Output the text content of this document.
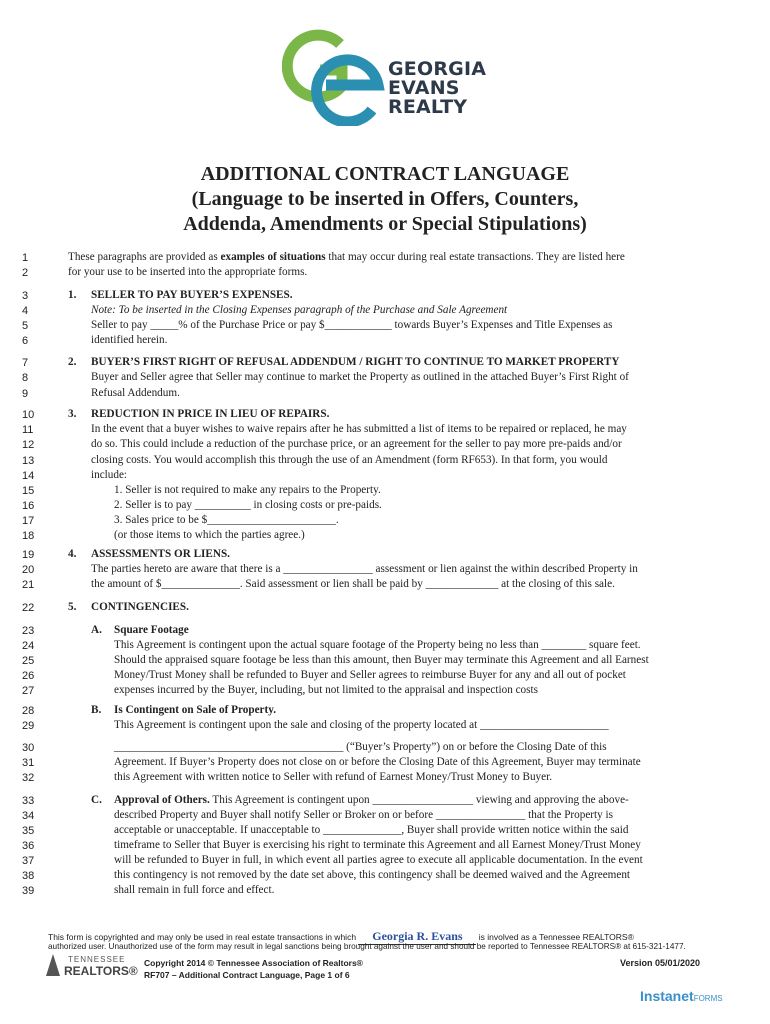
GEORGIA
EVANS
REALTY
ADDITIONAL CONTRACT LANGUAGE
(Language to be inserted in Offers, Counters,
Addenda, Amendments or Special Stipulations)
1
2
3
4
5
6
7
8
9
10
11
12
13
14
15
16
17
18
19
20
21
22
23
24
25
26
27
28
29
30
31
32
33
34
35
36
37
38
39
These paragraphs are provided as examples of situations that may occur during real estate transactions. They are listed here
for your use to be inserted into the appropriate forms.
1. SELLER TO PAY BUYER’S EXPENSES.
Note: To be inserted in the Closing Expenses paragraph of the Purchase and Sale Agreement
Seller to pay _____% of the Purchase Price or pay $____________ towards Buyer’s Expenses and Title Expenses as
identified herein.
2. BUYER’S FIRST RIGHT OF REFUSAL ADDENDUM / RIGHT TO CONTINUE TO MARKET PROPERTY
Buyer and Seller agree that Seller may continue to market the Property as outlined in the attached Buyer’s First Right of
Refusal Addendum.
3. REDUCTION IN PRICE IN LIEU OF REPAIRS.
In the event that a buyer wishes to waive repairs after he has submitted a list of items to be repaired or replaced, he may
do so. This could include a reduction of the purchase price, or an agreement for the seller to pay more pre-paids and/or
closing costs. You would accomplish this through the use of an Amendment (form RF653). In that form, you would
include:
1. Seller is not required to make any repairs to the Property.
2. Seller is to pay __________ in closing costs or pre-paids.
3. Sales price to be $_______________________.
(or those items to which the parties agree.)
4. ASSESSMENTS OR LIENS.
The parties hereto are aware that there is a ________________ assessment or lien against the within described Property in
the amount of $______________. Said assessment or lien shall be paid by _____________ at the closing of this sale.
5. CONTINGENCIES.
A. Square Footage
This Agreement is contingent upon the actual square footage of the Property being no less than ________ square feet.
Should the appraised square footage be less than this amount, then Buyer may terminate this Agreement and all Earnest
Money/Trust Money shall be refunded to Buyer and Seller agrees to reimburse Buyer for any and all out of pocket
expenses incurred by the Buyer, including, but not limited to the appraisal and inspection costs
B. Is Contingent on Sale of Property.
This Agreement is contingent upon the sale and closing of the property located at _______________________
_________________________________________ (“Buyer’s Property”) on or before the Closing Date of this
Agreement. If Buyer’s Property does not close on or before the Closing Date of this Agreement, Buyer may terminate
this Agreement with written notice to Seller with refund of Earnest Money/Trust Money to Buyer.
C. Approval of Others. This Agreement is contingent upon __________________ viewing and approving the above-
described Property and Buyer shall notify Seller or Broker on or before ________________ that the Property is
acceptable or unacceptable. If unacceptable to ______________, Buyer shall provide written notice within the said
timeframe to Seller that Buyer is exercising his right to terminate this Agreement and all Earnest Money/Trust Money
will be refunded to Buyer in full, in which event all parties agree to execute all applicable documentation. In the event
this contingency is not removed by the date set above, this contingency shall be deemed waived and the Agreement
shall remain in full force and effect.
This form is copyrighted and may only be used in real estate transactions in which Georgia R. Evans is involved as a Tennessee REALTORS®
authorized user. Unauthorized use of the form may result in legal sanctions being brought against the user and should be reported to Tennessee REALTORS® at 615-321-1477.
TENNESSEE
REALTORS®
Copyright 2014 © Tennessee Association of Realtors®
RF707 – Additional Contract Language, Page 1 of 6
Version 05/01/2020
InstanetFORMS
